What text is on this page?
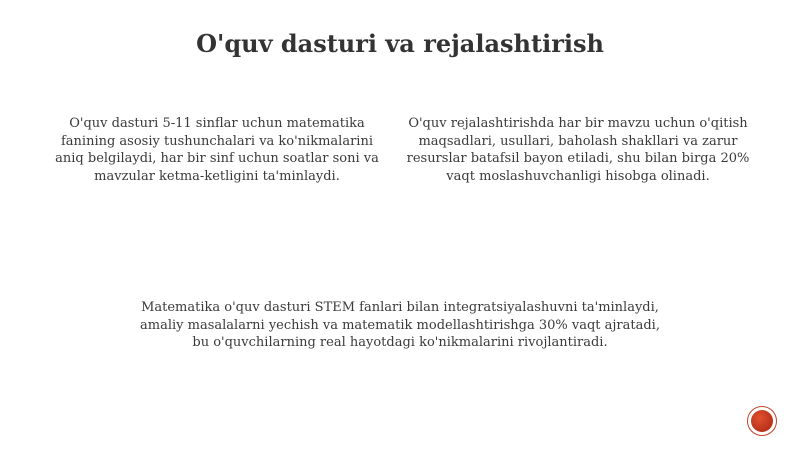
O'quv dasturi va rejalashtirish

O'quv dasturi 5-11 sinflar uchun matematika fanining asosiy tushunchalari va ko'nikmalarini aniq belgilaydi, har bir sinf uchun soatlar soni va mavzular ketma-ketligini ta'minlaydi.

O'quv rejalashtirishda har bir mavzu uchun o'qitish maqsadlari, usullari, baholash shakllari va zarur resurslar batafsil bayon etiladi, shu bilan birga 20% vaqt moslashuvchanligi hisobga olinadi.

Matematika o'quv dasturi STEM fanlari bilan integratsiyalashuvni ta'minlaydi, amaliy masalalarni yechish va matematik modellashtirishga 30% vaqt ajratadi, bu o'quvchilarning real hayotdagi ko'nikmalarini rivojlantiradi.
